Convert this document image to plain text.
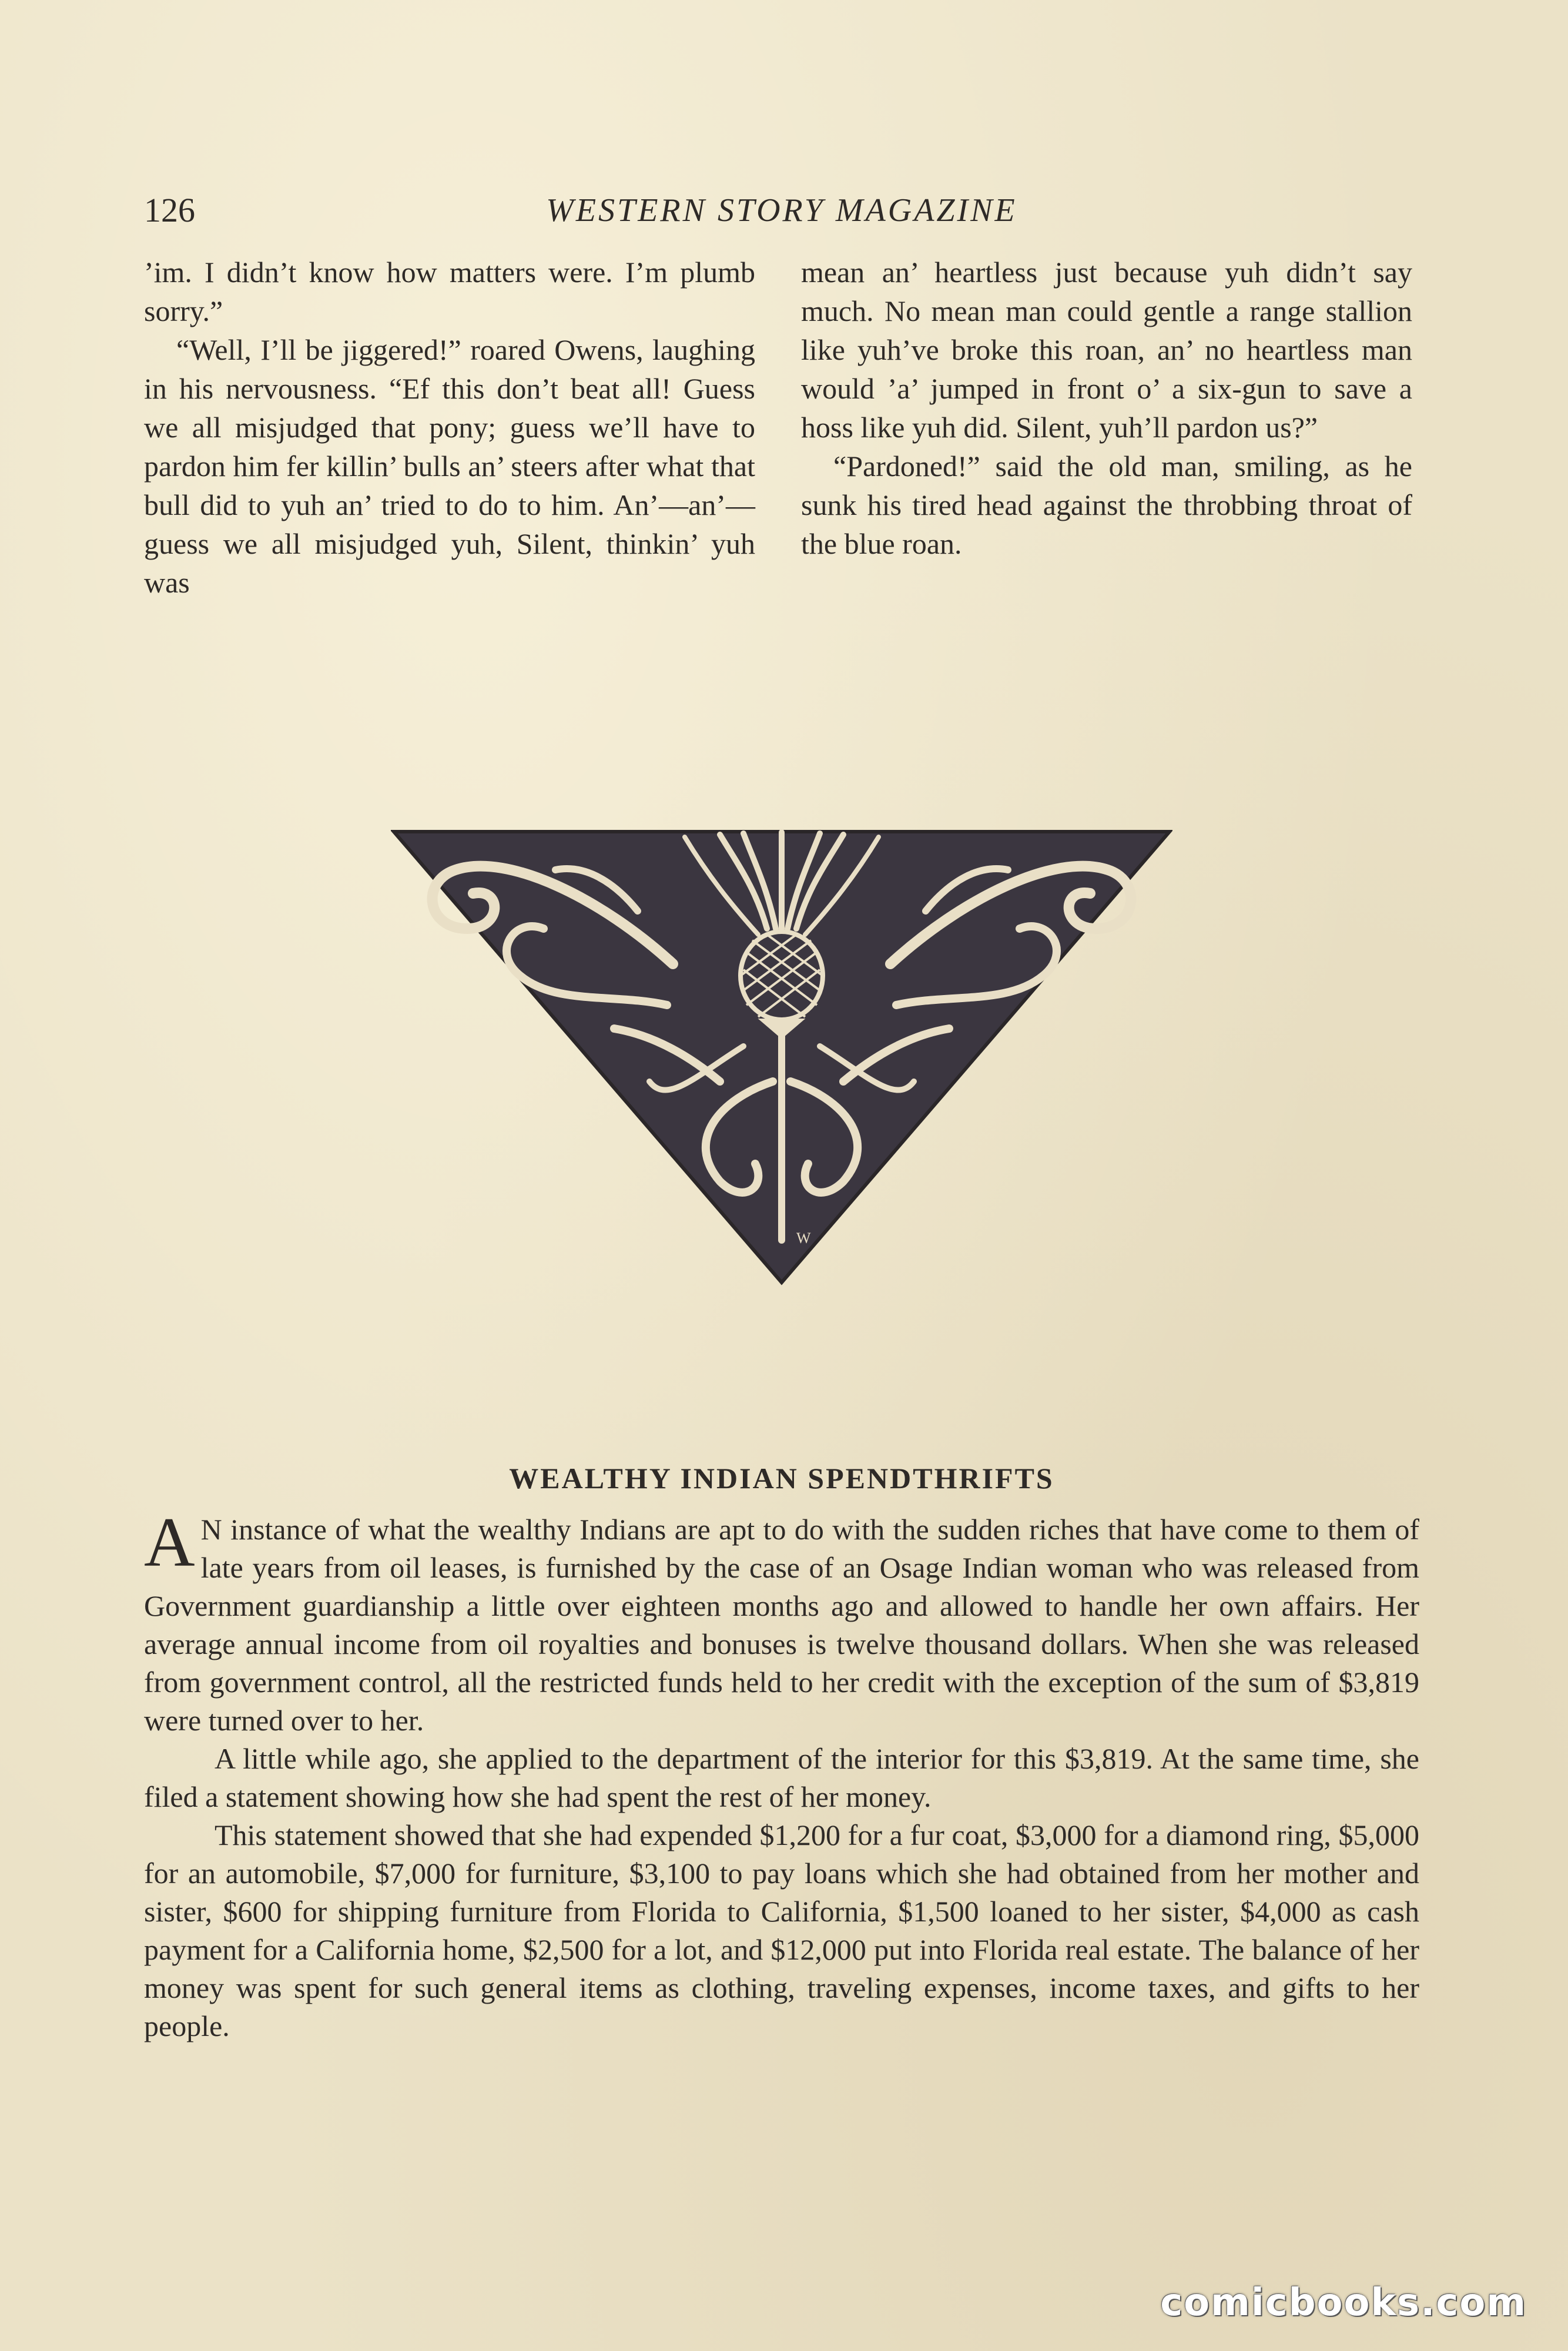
126	WESTERN STORY MAGAZINE

’im. I didn’t know how matters were. I’m plumb sorry.”

“Well, I’ll be jiggered!” roared Owens, laughing in his nervousness. “Ef this don’t beat all! Guess we all misjudged that pony; guess we’ll have to pardon him fer killin’ bulls an’ steers after what that bull did to yuh an’ tried to do to him. An’—an’—guess we all misjudged yuh, Silent, thinkin’ yuh was

mean an’ heartless just because yuh didn’t say much. No mean man could gentle a range stallion like yuh’ve broke this roan, an’ no heartless man would ’a’ jumped in front o’ a six-gun to save a hoss like yuh did. Silent, yuh’ll pardon us?”

“Pardoned!” said the old man, smiling, as he sunk his tired head against the throbbing throat of the blue roan.

W
WEALTHY INDIAN SPENDTHRIFTS

A N instance of what the wealthy Indians are apt to do with the sudden riches that have come to them of late years from oil leases, is furnished by the case of an Osage Indian woman who was released from Government guardianship a little over eighteen months ago and allowed to handle her own affairs. Her average annual income from oil royalties and bonuses is twelve thousand dollars. When she was released from government control, all the restricted funds held to her credit with the exception of the sum of $3,819 were turned over to her.

A little while ago, she applied to the department of the interior for this $3,819. At the same time, she filed a statement showing how she had spent the rest of her money.

This statement showed that she had expended $1,200 for a fur coat, $3,000 for a diamond ring, $5,000 for an automobile, $7,000 for furniture, $3,100 to pay loans which she had obtained from her mother and sister, $600 for shipping furniture from Florida to California, $1,500 loaned to her sister, $4,000 as cash payment for a California home, $2,500 for a lot, and $12,000 put into Florida real estate. The balance of her money was spent for such general items as clothing, traveling expenses, income taxes, and gifts to her people.

comicbooks.com
